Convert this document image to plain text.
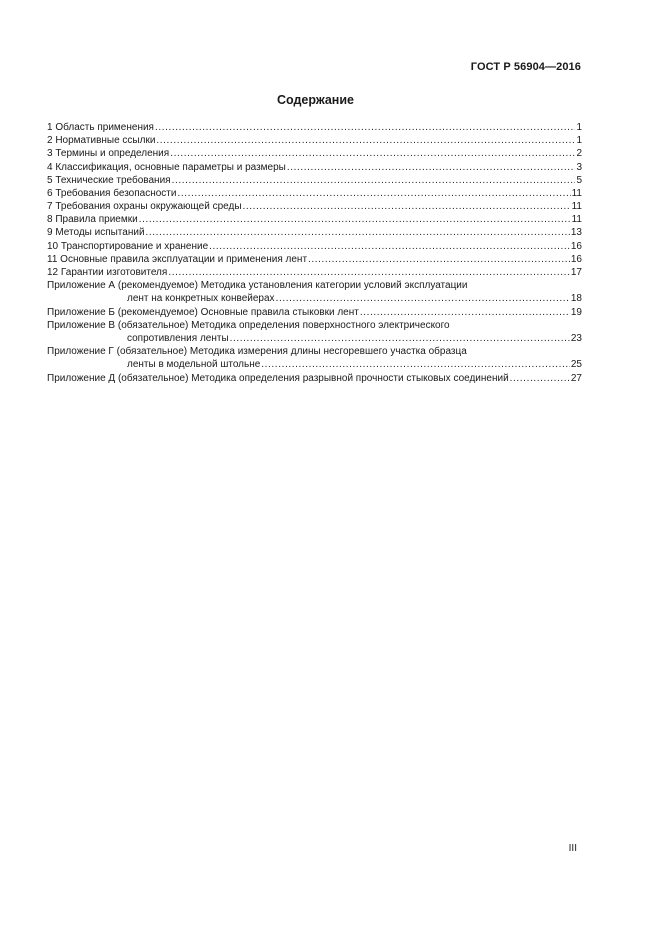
ГОСТ Р 56904—2016
Содержание
1 Область применения .....	1
2 Нормативные ссылки .....	1
3 Термины и определения .....	2
4 Классификация, основные параметры и размеры .....	3
5 Технические требования .....	5
6 Требования безопасности .....	11
7 Требования охраны окружающей среды .....	11
8 Правила приемки .....	11
9 Методы испытаний .....	13
10 Транспортирование и хранение .....	16
11 Основные правила эксплуатации и применения лент .....	16
12 Гарантии изготовителя .....	17
Приложение А (рекомендуемое) Методика установления категории условий эксплуатации
лент на конкретных конвейерах .....	18
Приложение Б (рекомендуемое) Основные правила стыковки лент .....	19
Приложение В (обязательное) Методика определения поверхностного электрического
сопротивления ленты .....	23
Приложение Г (обязательное) Методика измерения длины несгоревшего участка образца
ленты в модельной штольне .....	25
Приложение Д (обязательное) Методика определения разрывной прочности стыковых соединений .....	27
III
